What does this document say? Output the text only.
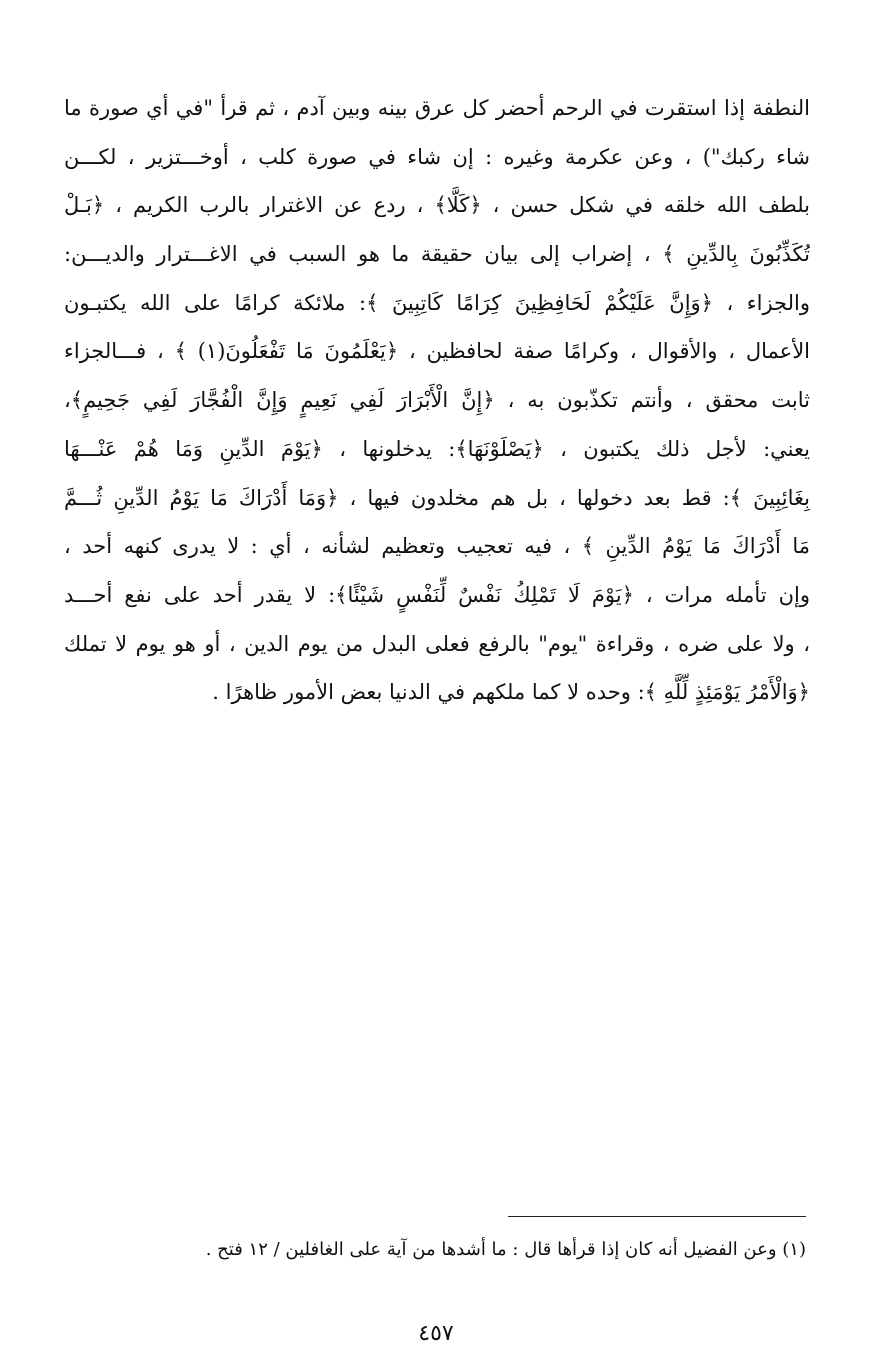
النطفة إذا استقرت في الرحم أحضر كل عرق بينه وبين آدم ، ثم قرأ "في أي صورة ما
شاء ركبك") ، وعن عكرمة وغيره : إن شاء في صورة كلب ، أوخـــتزير ، لكـــن
بلطف الله خلقه في شكل حسن ، ﴿كَلَّا﴾ ، ردع عن الاغترار بالرب الكريم ، ﴿بَـلْ
تُكَذِّبُونَ بِالدِّينِ ﴾ ، إضراب إلى بيان حقيقة ما هو السبب في الاغـــترار والديـــن:
والجزاء ، ﴿وَإِنَّ عَلَيْكُمْ لَحَافِظِينَ كِرَامًا كَاتِبِينَ ﴾: ملائكة كرامًا على الله يكتبـون
الأعمال ، والأقوال ، وكرامًا صفة لحافظين ، ﴿يَعْلَمُونَ مَا تَفْعَلُونَ(١) ﴾ ، فـــالجزاء
ثابت محقق ، وأنتم تكذّبون به ، ﴿إِنَّ الْأَبْرَارَ لَفِي نَعِيمٍ وَإِنَّ الْفُجَّارَ لَفِي جَحِيمٍ﴾،
يعني: لأجل ذلك يكتبون ، ﴿يَصْلَوْنَهَا﴾: يدخلونها ، ﴿يَوْمَ الدِّينِ وَمَا هُمْ عَنْـــهَا
بِغَائِبِينَ ﴾: قط بعد دخولها ، بل هم مخلدون فيها ، ﴿وَمَا أَدْرَاكَ مَا يَوْمُ الدِّينِ ثُـــمَّ
مَا أَدْرَاكَ مَا يَوْمُ الدِّينِ ﴾ ، فيه تعجيب وتعظيم لشأنه ، أي : لا يدرى كنهه أحد ،
وإن تأمله مرات ، ﴿يَوْمَ لَا تَمْلِكُ نَفْسٌ لِّنَفْسٍ شَيْئًا﴾: لا يقدر أحد على نفع أحـــد
، ولا على ضره ، وقراءة "يوم" بالرفع فعلى البدل من يوم الدين ، أو هو يوم لا تملك
﴿وَالْأَمْرُ يَوْمَئِذٍ لِّلَّهِ ﴾: وحده لا كما ملكهم في الدنيا بعض الأمور ظاهرًا .
(١) وعن الفضيل أنه كان إذا قرأها قال : ما أشدها من آية على الغافلين / ١٢ فتح .
٤٥٧
